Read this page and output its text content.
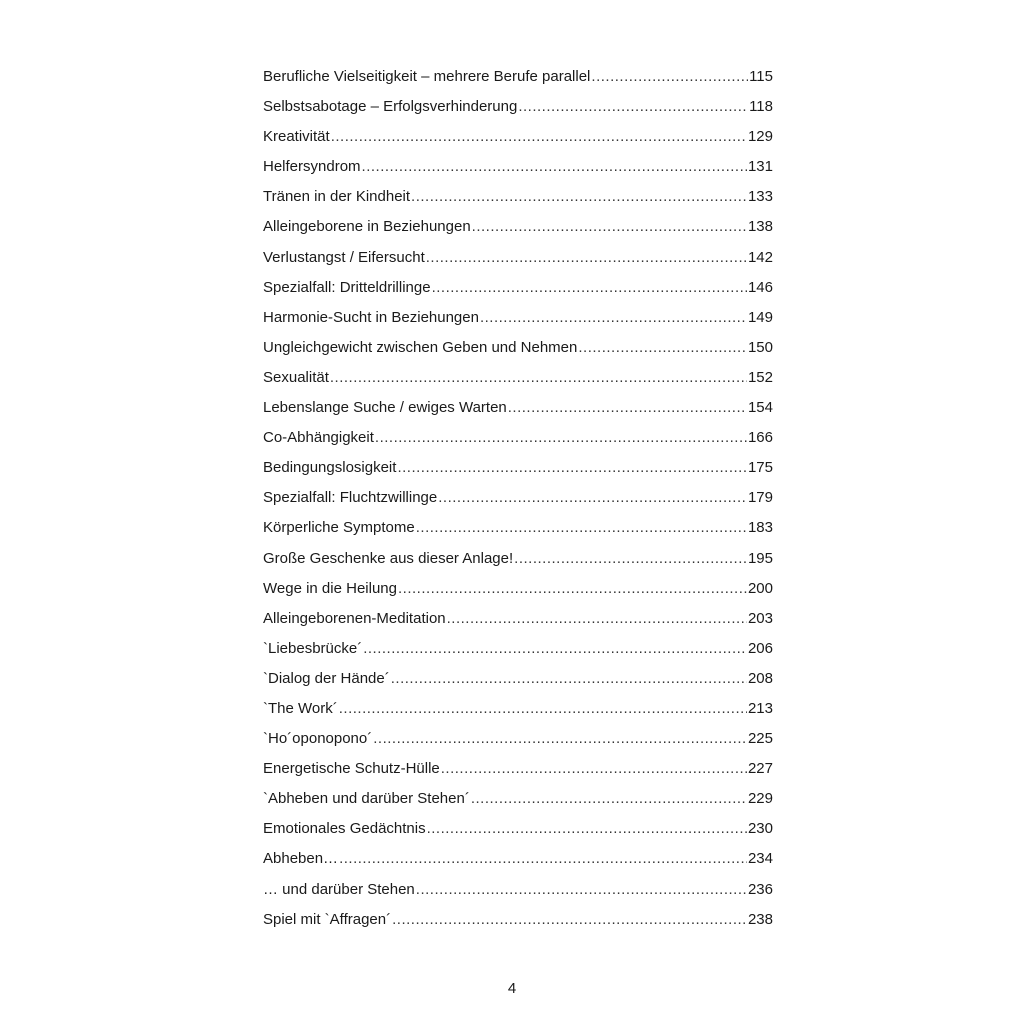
Berufliche Vielseitigkeit – mehrere Berufe parallel .....	115
Selbstsabotage – Erfolgsverhinderung .....	118
Kreativität .....	129
Helfersyndrom .....	131
Tränen in der Kindheit .....	133
Alleingeborene in Beziehungen .....	138
Verlustangst / Eifersucht .....	142
Spezialfall: Dritteldrillinge .....	146
Harmonie-Sucht in Beziehungen .....	149
Ungleichgewicht zwischen Geben und Nehmen .....	150
Sexualität .....	152
Lebenslange Suche / ewiges Warten .....	154
Co-Abhängigkeit .....	166
Bedingungslosigkeit .....	175
Spezialfall: Fluchtzwillinge .....	179
Körperliche Symptome .....	183
Große Geschenke aus dieser Anlage! .....	195
Wege in die Heilung .....	200
Alleingeborenen-Meditation .....	203
`Liebesbrücke´ .....	206
`Dialog der Hände´ .....	208
`The Work´ .....	213
`Ho´oponopono´ .....	225
Energetische Schutz-Hülle .....	227
`Abheben und darüber Stehen´ .....	229
Emotionales Gedächtnis .....	230
Abheben… .....	234
… und darüber Stehen .....	236
Spiel mit `Affragen´ .....	238
4
